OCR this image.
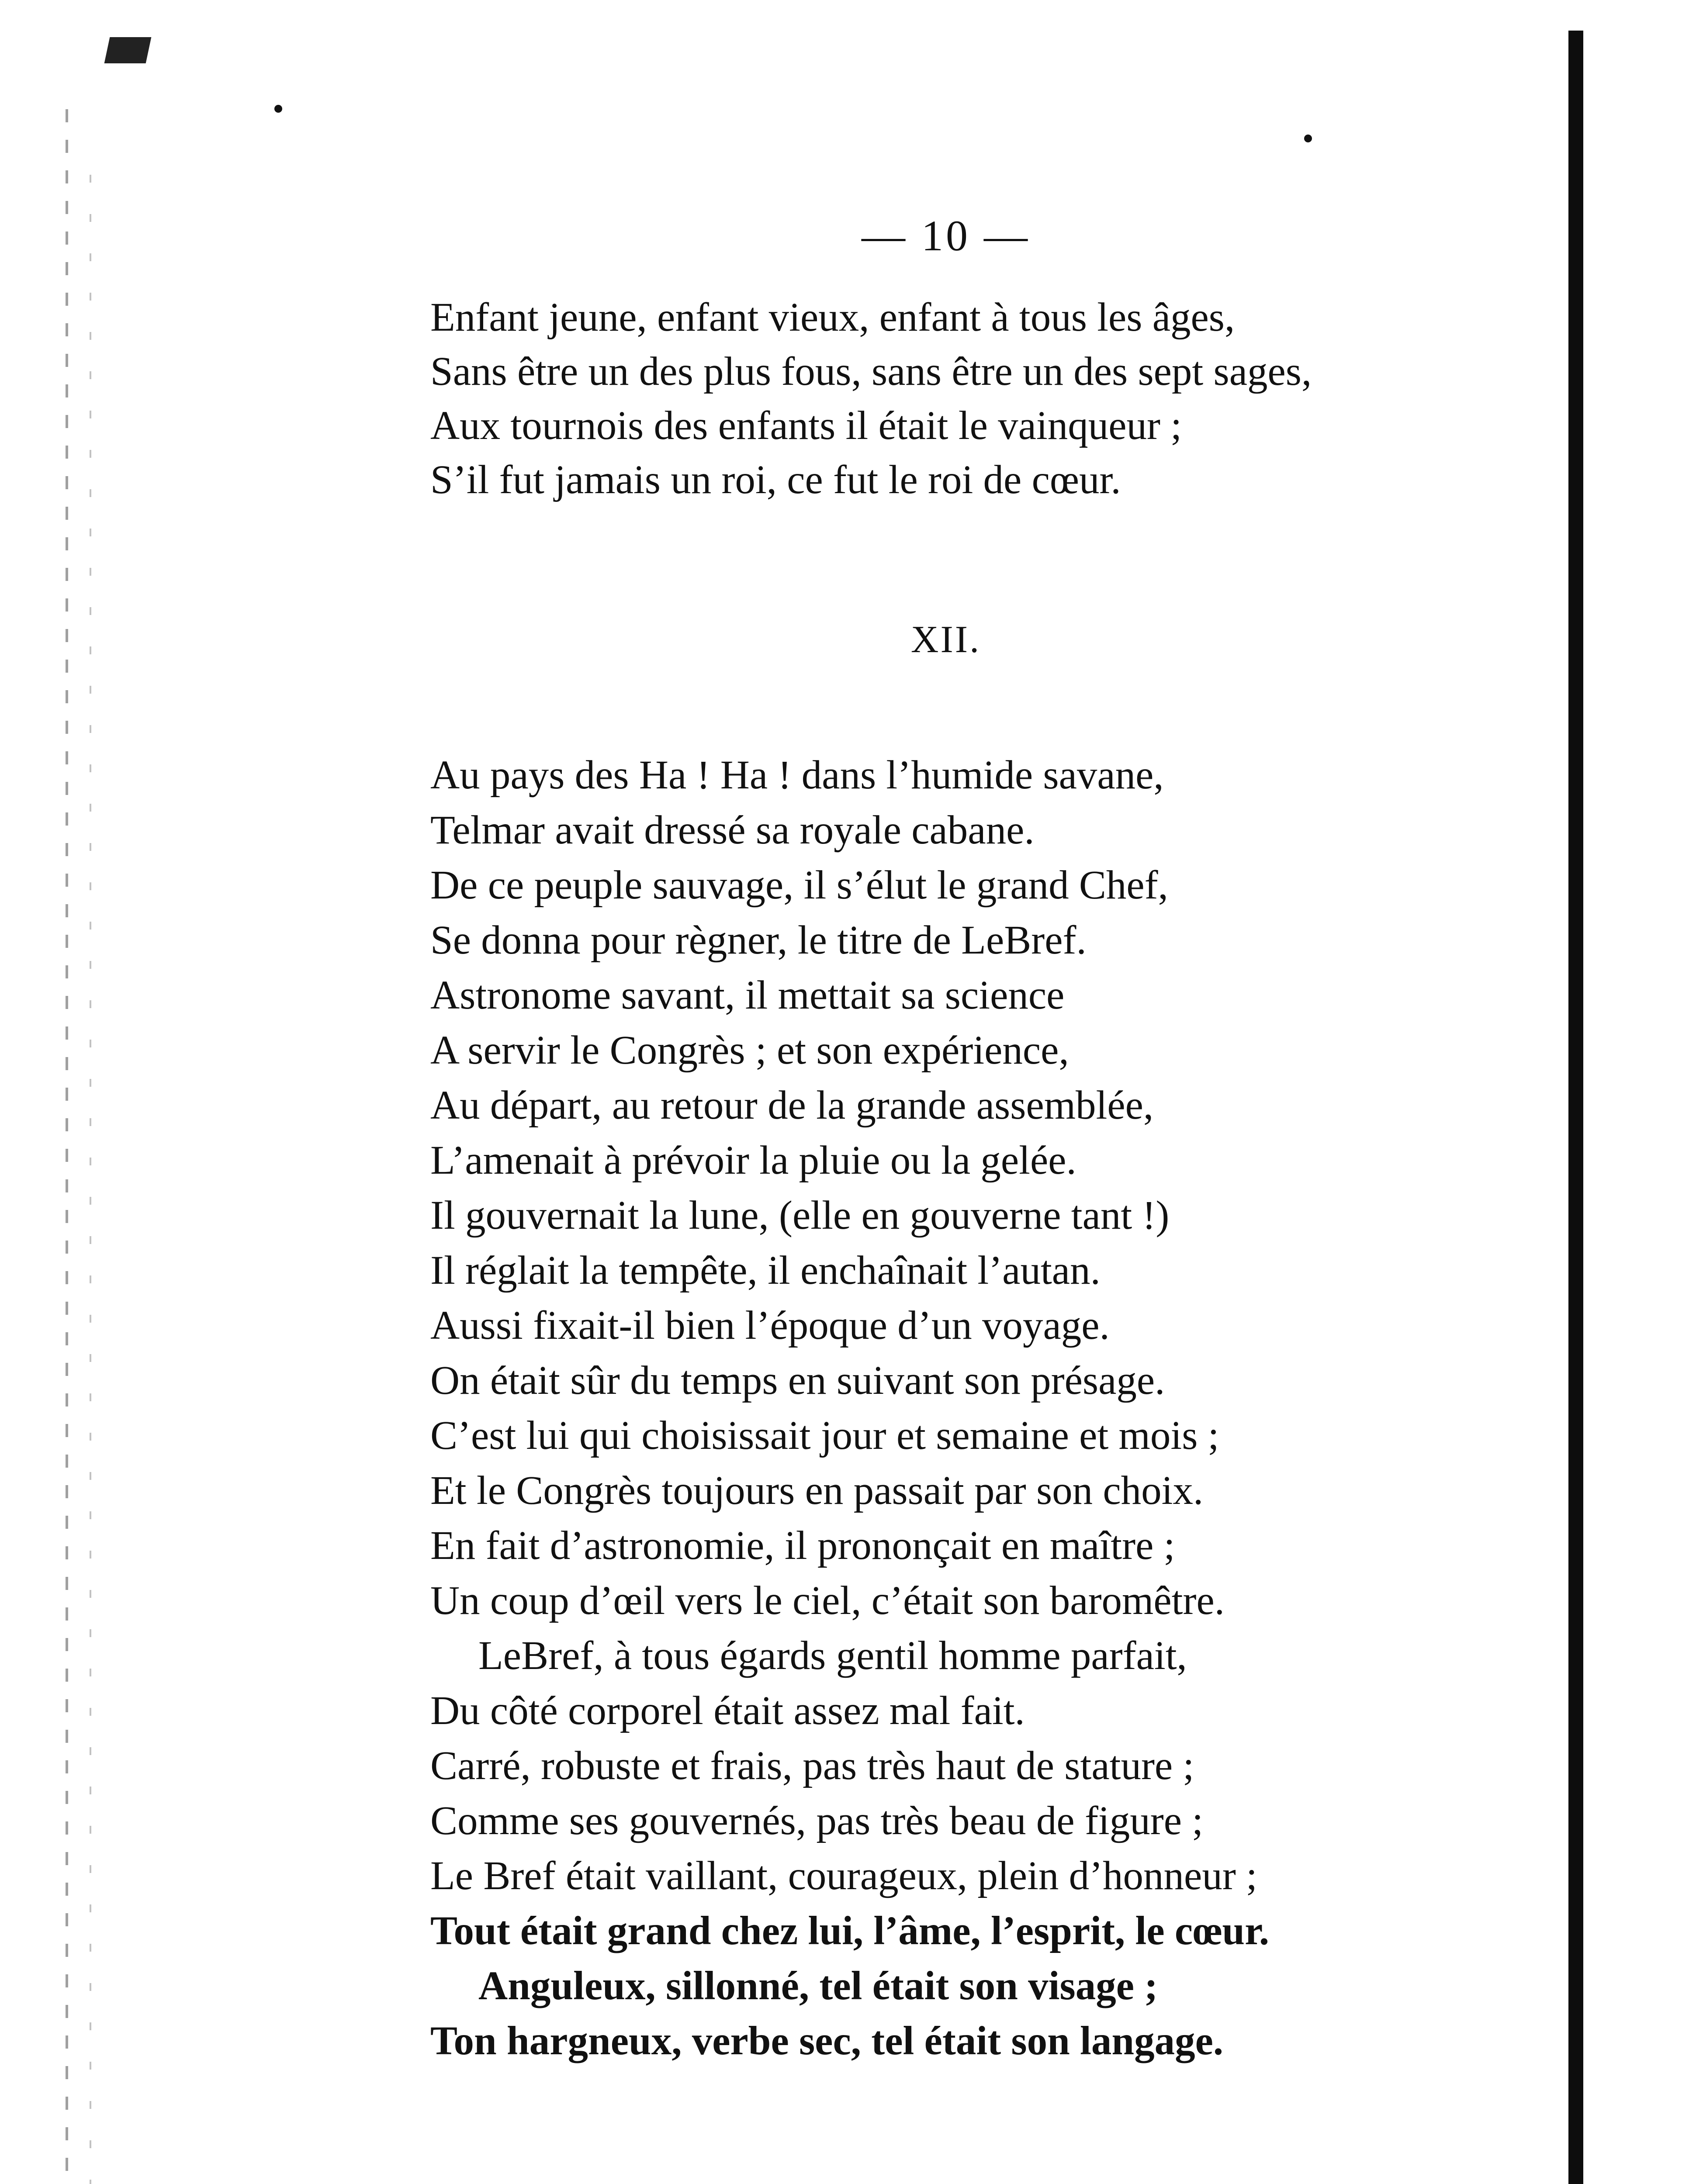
— 10 —
Enfant jeune, enfant vieux, enfant à tous les âges,
Sans être un des plus fous, sans être un des sept sages,
Aux tournois des enfants il était le vainqueur ;
S’il fut jamais un roi, ce fut le roi de cœur.
XII.
Au pays des Ha ! Ha ! dans l’humide savane,
Telmar avait dressé sa royale cabane.
De ce peuple sauvage, il s’élut le grand Chef,
Se donna pour règner, le titre de LeBref.
Astronome savant, il mettait sa science
A servir le Congrès ; et son expérience,
Au départ, au retour de la grande assemblée,
L’amenait à prévoir la pluie ou la gelée.
Il gouvernait la lune, (elle en gouverne tant !)
Il réglait la tempête, il enchaînait l’autan.
Aussi fixait-il bien l’époque d’un voyage.
On était sûr du temps en suivant son présage.
C’est lui qui choisissait jour et semaine et mois ;
Et le Congrès toujours en passait par son choix.
En fait d’astronomie, il prononçait en maître ;
Un coup d’œil vers le ciel, c’était son baromêtre.
LeBref, à tous égards gentil homme parfait,
Du côté corporel était assez mal fait.
Carré, robuste et frais, pas très haut de stature ;
Comme ses gouvernés, pas très beau de figure ;
Le Bref était vaillant, courageux, plein d’honneur ;
Tout était grand chez lui, l’âme, l’esprit, le cœur.
Anguleux, sillonné, tel était son visage ;
Ton hargneux, verbe sec, tel était son langage.
